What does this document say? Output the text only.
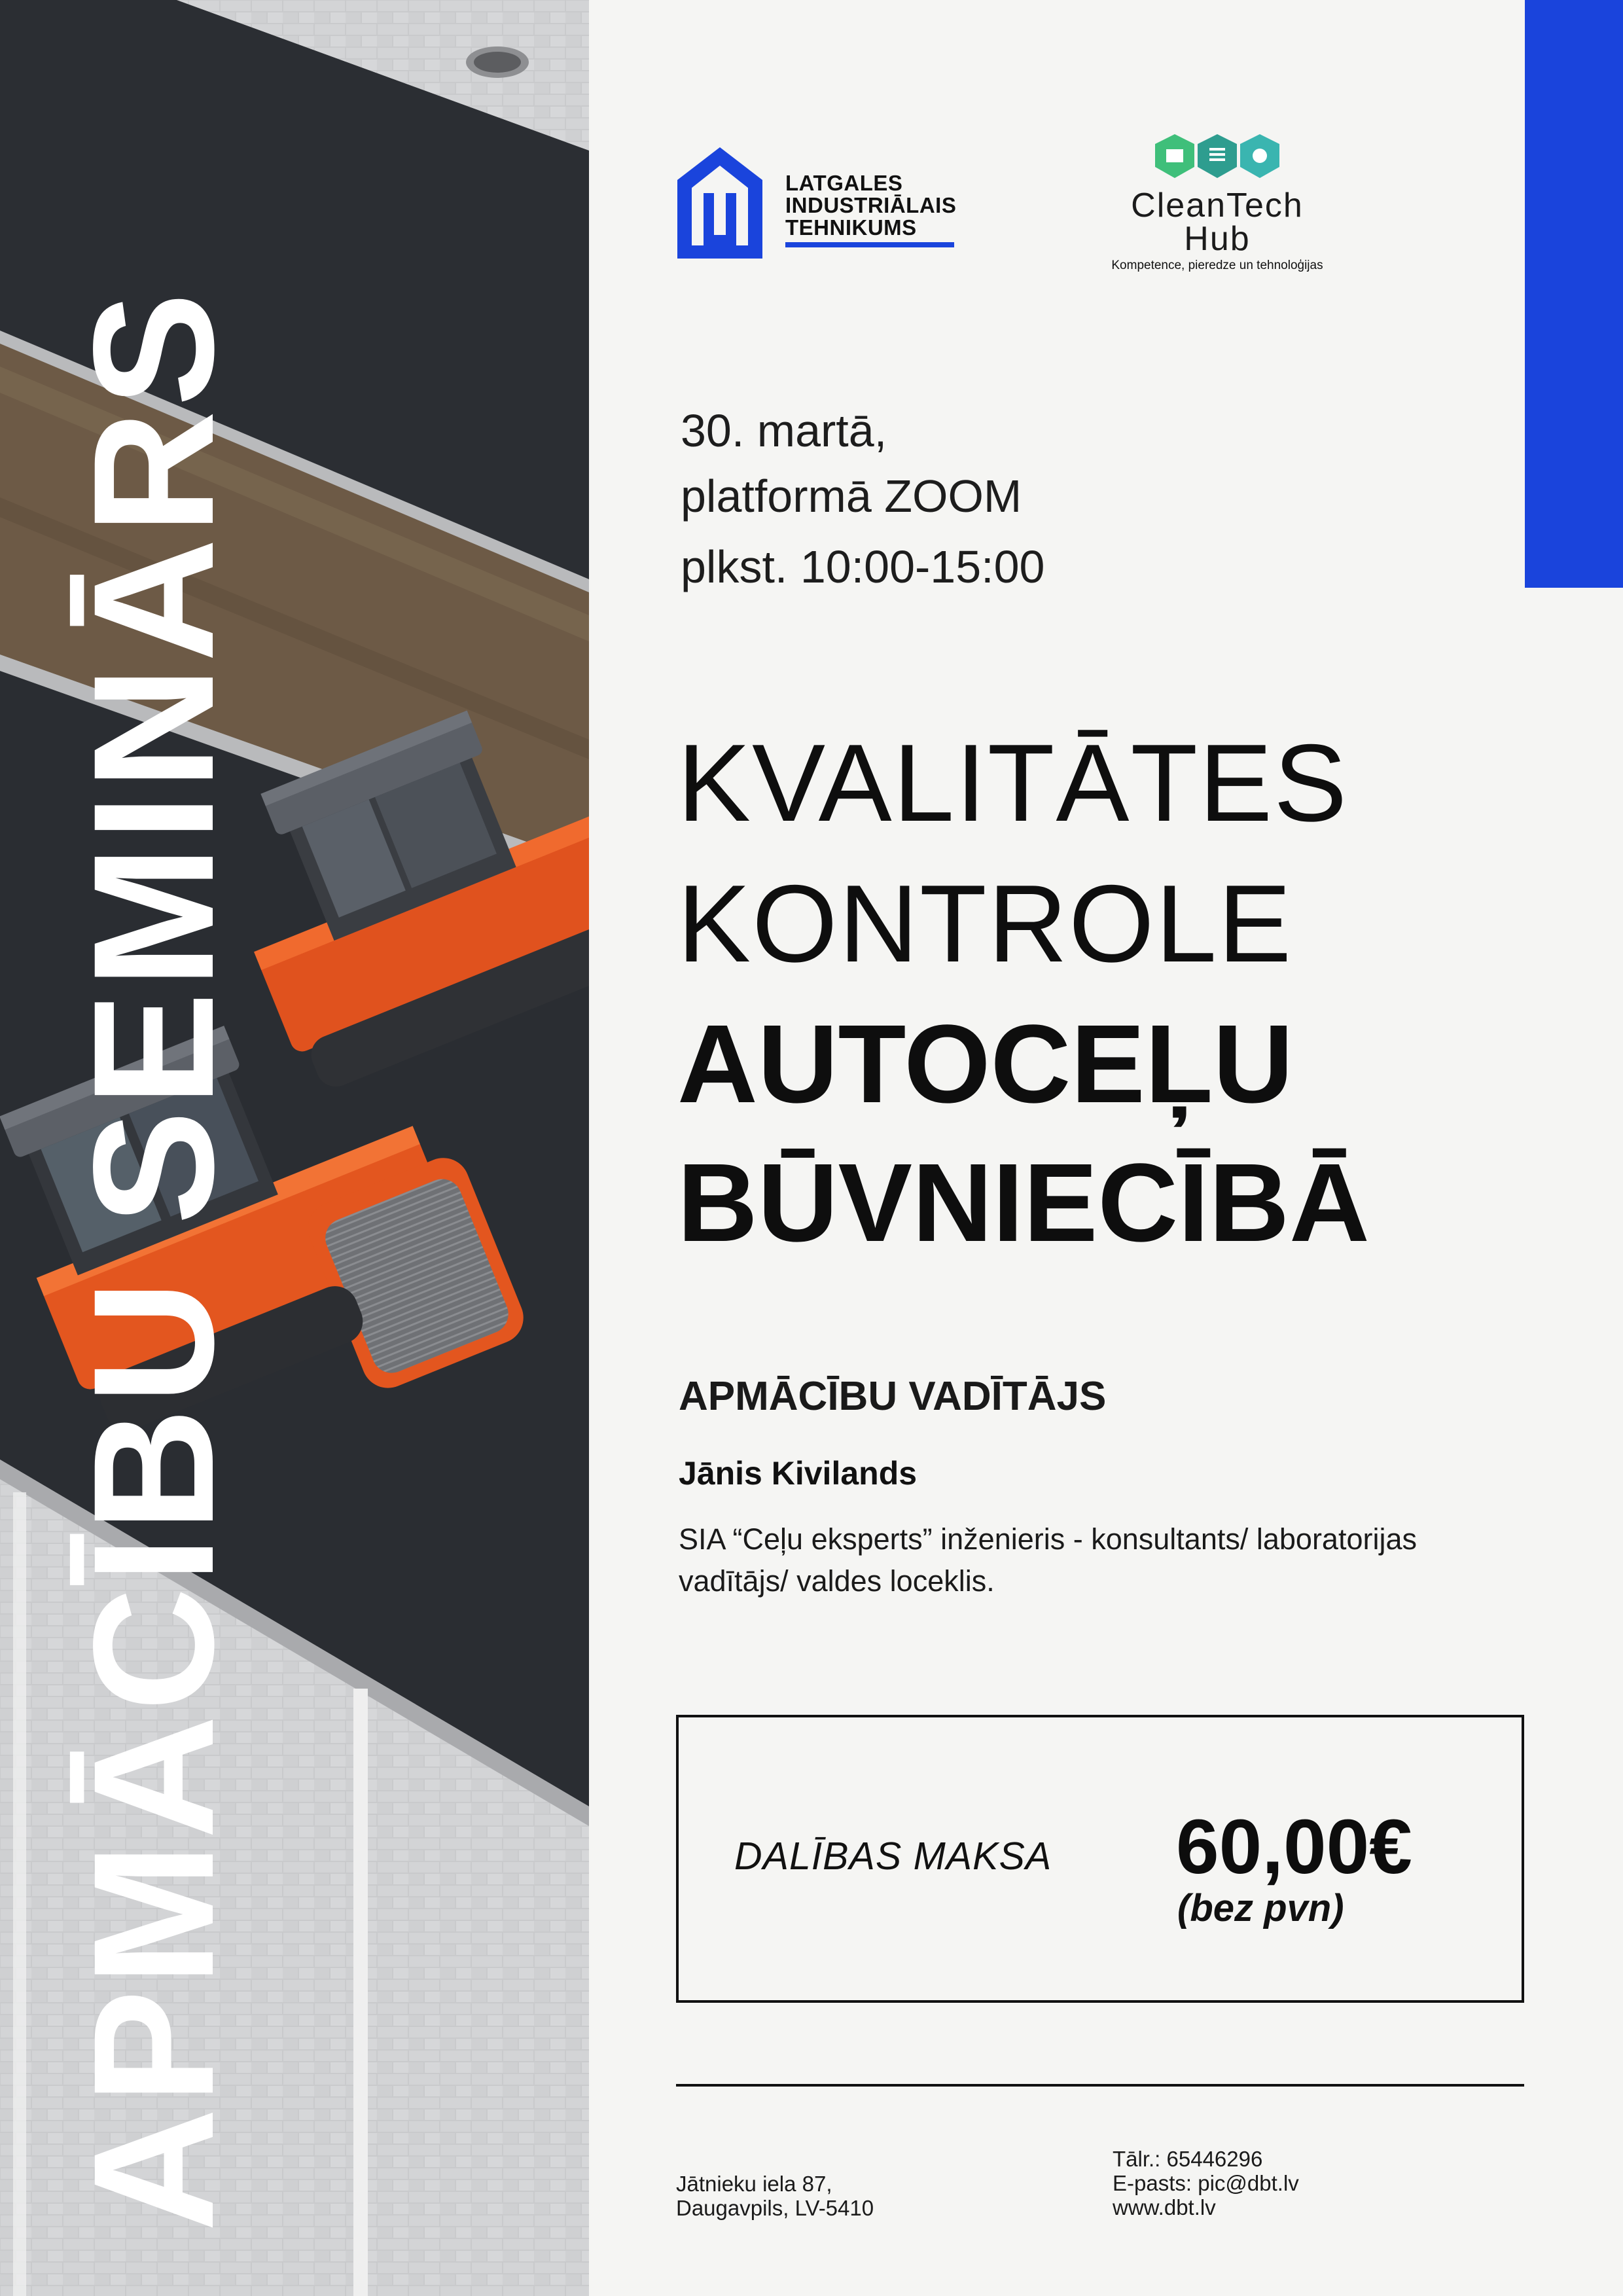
APMĀCĪBU SEMINĀRS
LATGALES
INDUSTRIĀLAIS
TEHNIKUMS
CleanTech
Hub
Kompetence, pieredze un tehnoloģijas
30. martā,
platformā ZOOM
plkst. 10:00-15:00
KVALITĀTES
KONTROLE
AUTOCEĻU
BŪVNIECĪBĀ
APMĀCĪBU VADĪTĀJS
Jānis Kivilands
SIA “Ceļu eksperts” inženieris - konsultants/ laboratorijas vadītājs/ valdes loceklis.
DALĪBAS MAKSA 60,00€
(bez pvn)
Jātnieku iela 87,
Daugavpils, LV-5410
Tālr.: 65446296
E-pasts: pic@dbt.lv
www.dbt.lv
